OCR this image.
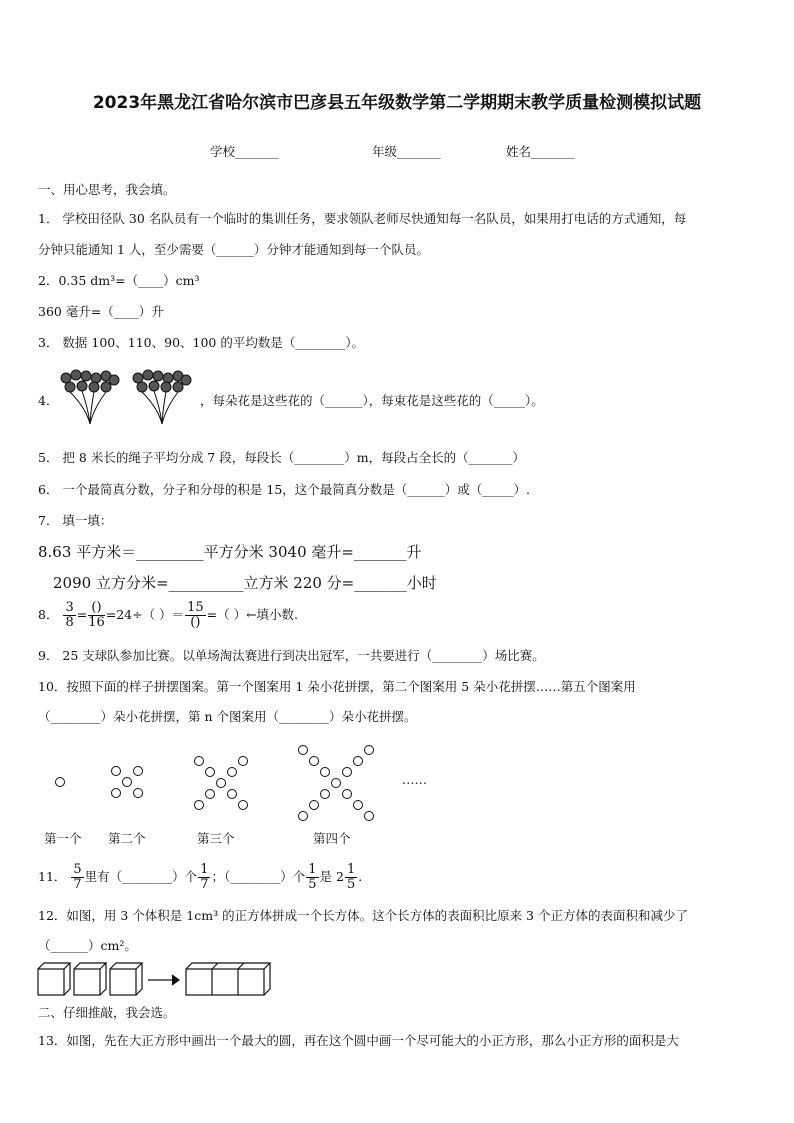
2023年黑龙江省哈尔滨市巴彦县五年级数学第二学期期末教学质量检测模拟试题
学校_______	年级_______	姓名_______
一、用心思考，我会填。
1． 学校田径队 30 名队员有一个临时的集训任务，要求领队老师尽快通知每一名队员，如果用打电话的方式通知，每
分钟只能通知 1 人，至少需要（______）分钟才能通知到每一个队员。
2．0.35 dm³=（____）cm³
360 毫升=（____）升
3． 数据 100、110、90、100 的平均数是（________）。
4．	，每朵花是这些花的（______），每束花是这些花的（_____）。
5． 把 8 米长的绳子平均分成 7 段，每段长（________）m，每段占全长的（_______）
6． 一个最简真分数，分子和分母的积是 15，这个最简真分数是（______）或（_____）.
7． 填一填：
8.63 平方米＝_________平方分米 3040 毫升=_______升
2090 立方分米=__________立方米 220 分=_______小时
8． $\frac{3}{8} = \frac{()}{16} =24\div$（ ）＝ $\frac{15}{()}$ =（ ）←填小数.
9． 25 支球队参加比赛。以单场淘汰赛进行到决出冠军，一共要进行（________）场比赛。
10．按照下面的样子拼摆图案。第一个图案用 1 朵小花拼摆，第二个图案用 5 朵小花拼摆……第五个图案用
（________）朵小花拼摆，第 n 个图案用（________）朵小花拼摆。
……
第一个 第二个	第三个	第四个
11． $\frac{5}{7}$ 里有（________）个 $\frac{1}{7}$ ；（________）个 $\frac{1}{5}$ 是 $2 \frac{1}{5}$ .
12．如图，用 3 个体积是 1cm³ 的正方体拼成一个长方体。这个长方体的表面积比原来 3 个正方体的表面积和减少了
（______）cm²。
二、仔细推敲，我会选。
13．如图，先在大正方形中画出一个最大的圆，再在这个圆中画一个尽可能大的小正方形，那么小正方形的面积是大
